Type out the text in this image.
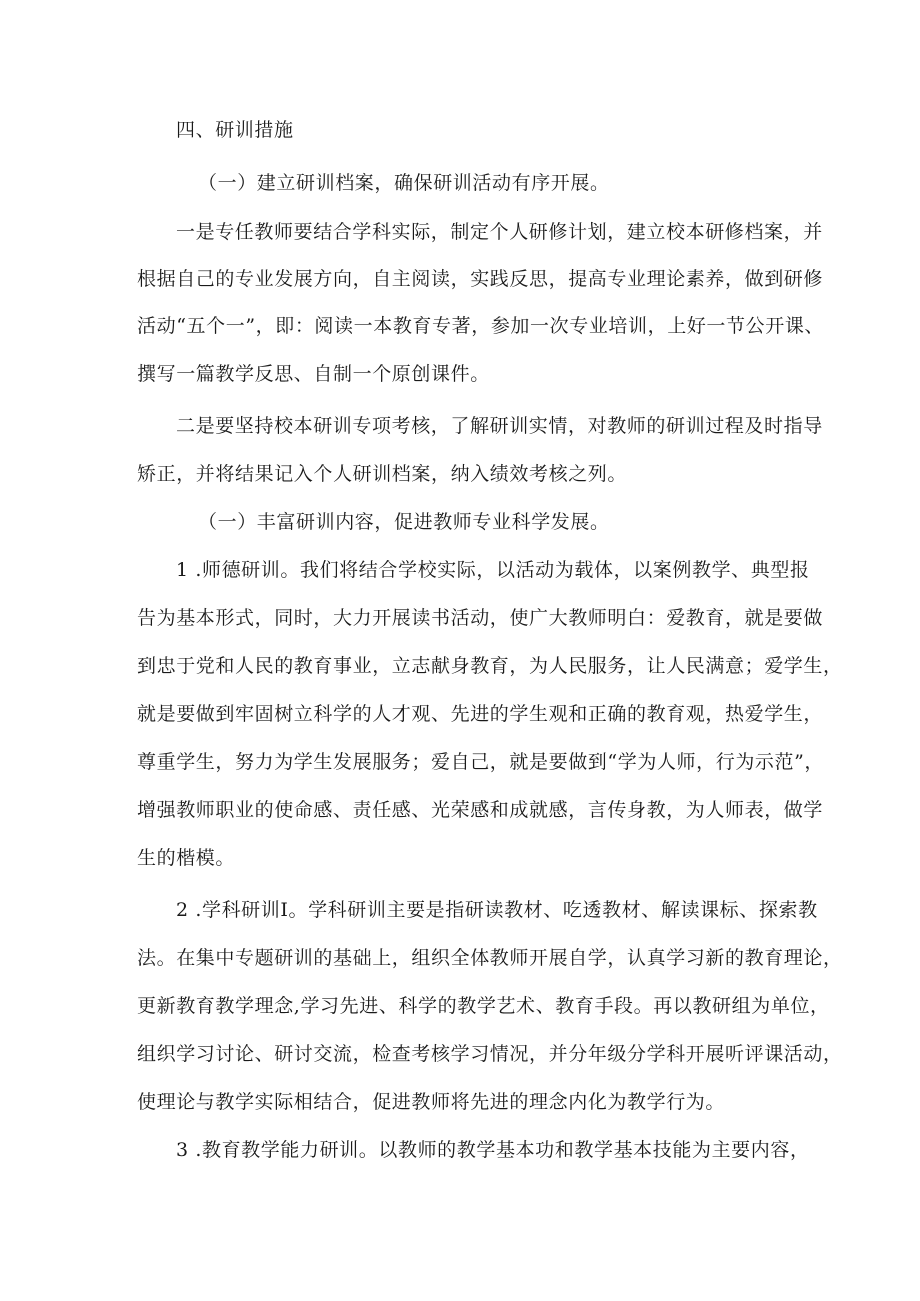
四、研训措施
（一）建立研训档案，确保研训活动有序开展。
一是专任教师要结合学科实际，制定个人研修计划，建立校本研修档案，并
根据自己的专业发展方向，自主阅读，实践反思，提高专业理论素养，做到研修
活动“五个一”，即：阅读一本教育专著，参加一次专业培训，上好一节公开课、
撰写一篇教学反思、自制一个原创课件。
二是要坚持校本研训专项考核，了解研训实情，对教师的研训过程及时指导
矫正，并将结果记入个人研训档案，纳入绩效考核之列。
（一）丰富研训内容，促进教师专业科学发展。
1 .师德研训。我们将结合学校实际，以活动为载体，以案例教学、典型报
告为基本形式，同时，大力开展读书活动，使广大教师明白：爱教育，就是要做
到忠于党和人民的教育事业，立志献身教育，为人民服务，让人民满意；爱学生，
就是要做到牢固树立科学的人才观、先进的学生观和正确的教育观，热爱学生，
尊重学生，努力为学生发展服务；爱自己，就是要做到“学为人师，行为示范”，
增强教师职业的使命感、责任感、光荣感和成就感，言传身教，为人师表，做学
生的楷模。
2 .学科研训I。学科研训主要是指研读教材、吃透教材、解读课标、探索教
法。在集中专题研训的基础上，组织全体教师开展自学，认真学习新的教育理论，
更新教育教学理念,学习先进、科学的教学艺术、教育手段。再以教研组为单位，
组织学习讨论、研讨交流，检查考核学习情况，并分年级分学科开展听评课活动，
使理论与教学实际相结合，促进教师将先进的理念内化为教学行为。
3 .教育教学能力研训。以教师的教学基本功和教学基本技能为主要内容，
